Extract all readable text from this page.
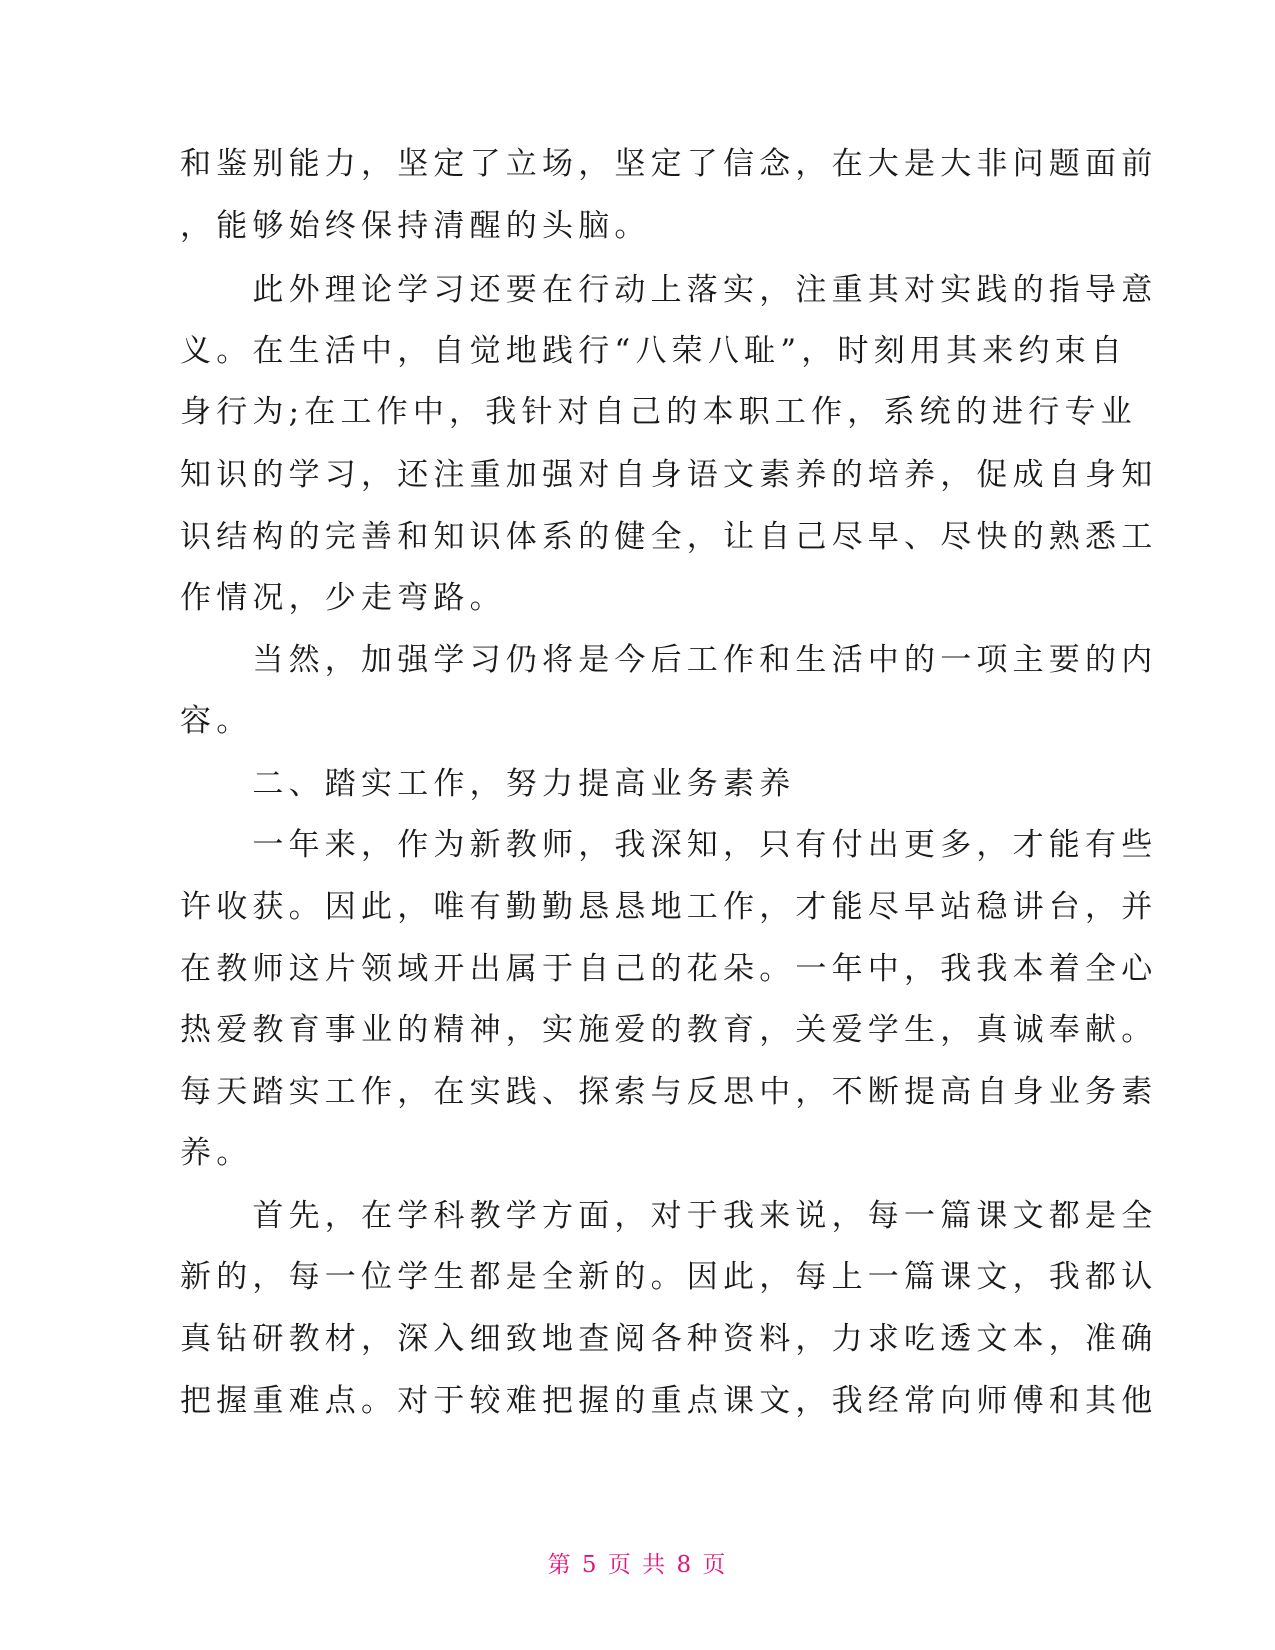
和鉴别能力，坚定了立场，坚定了信念，在大是大非问题面前
，能够始终保持清醒的头脑。
　　此外理论学习还要在行动上落实，注重其对实践的指导意
义。在生活中，自觉地践行“八荣八耻”，时刻用其来约束自
身行为;在工作中，我针对自己的本职工作，系统的进行专业
知识的学习，还注重加强对自身语文素养的培养，促成自身知
识结构的完善和知识体系的健全，让自己尽早、尽快的熟悉工
作情况，少走弯路。
　　当然，加强学习仍将是今后工作和生活中的一项主要的内
容。
　　二、踏实工作，努力提高业务素养
　　一年来，作为新教师，我深知，只有付出更多，才能有些
许收获。因此，唯有勤勤恳恳地工作，才能尽早站稳讲台，并
在教师这片领域开出属于自己的花朵。一年中，我我本着全心
热爱教育事业的精神，实施爱的教育，关爱学生，真诚奉献。
每天踏实工作，在实践、探索与反思中，不断提高自身业务素
养。
　　首先，在学科教学方面，对于我来说，每一篇课文都是全
新的，每一位学生都是全新的。因此，每上一篇课文，我都认
真钻研教材，深入细致地查阅各种资料，力求吃透文本，准确
把握重难点。对于较难把握的重点课文，我经常向师傅和其他
第 5 页 共 8 页
